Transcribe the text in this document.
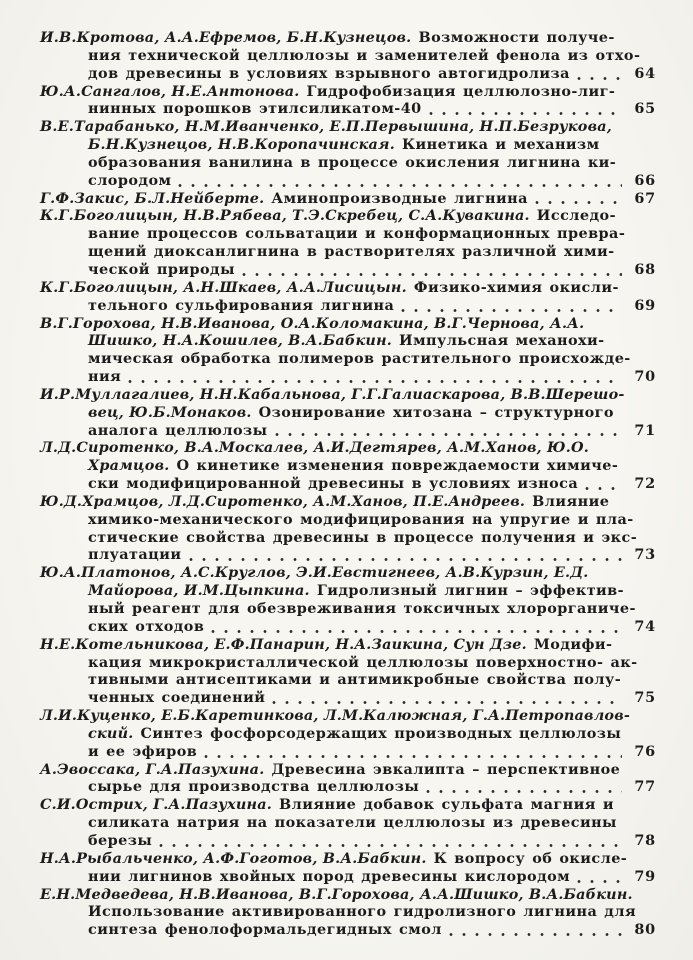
И.В.Кротова, А.А.Ефремов, Б.Н.Кузнецов. Возможности получе-
ния технической целлюлозы и заменителей фенола из отхо-
дов древесины в условиях взрывного автогидролиза	64
Ю.А.Сангалов, Н.Е.Антонова. Гидрофобизация целлюлозно-лиг-
нинных порошков этилсиликатом-40	65
В.Е.Тарабанько, Н.М.Иванченко, Е.П.Первышина, Н.П.Безрукова,
Б.Н.Кузнецов, Н.В.Коропачинская. Кинетика и механизм
образования ванилина в процессе окисления лигнина ки-
слородом	66
Г.Ф.Закис, Б.Л.Нейберте. Аминопроизводные лигнина	67
К.Г.Боголицын, Н.В.Рябева, Т.Э.Скребец, С.А.Кувакина. Исследо-
вание процессов сольватации и конформационных превра-
щений диоксанлигнина в растворителях различной хими-
ческой природы	68
К.Г.Боголицын, А.Н.Шкаев, А.А.Лисицын. Физико-химия окисли-
тельного сульфирования лигнина	69
В.Г.Горохова, Н.В.Иванова, О.А.Коломакина, В.Г.Чернова, А.А.
Шишко, Н.А.Кошилев, В.А.Бабкин. Импульсная механохи-
мическая обработка полимеров растительного происхожде-
ния	70
И.Р.Муллагалиев, Н.Н.Кабальнова, Г.Г.Галиаскарова, В.В.Шерешо-
вец, Ю.Б.Монаков. Озонирование хитозана – структурного
аналога целлюлозы	71
Л.Д.Сиротенко, В.А.Москалев, А.И.Дегтярев, А.М.Ханов, Ю.О.
Храмцов. О кинетике изменения повреждаемости химиче-
ски модифицированной древесины в условиях износа	72
Ю.Д.Храмцов, Л.Д.Сиротенко, А.М.Ханов, П.Е.Андреев. Влияние
химико-механического модифицирования на упругие и пла-
стические свойства древесины в процессе получения и экс-
плуатации	73
Ю.А.Платонов, А.С.Круглов, Э.И.Евстигнеев, А.В.Курзин, Е.Д.
Майорова, И.М.Цыпкина. Гидролизный лигнин – эффектив-
ный реагент для обезвреживания токсичных хлорорганиче-
ских отходов	74
Н.Е.Котельникова, Е.Ф.Панарин, Н.А.Заикина, Сун Дзе. Модифи-
кация микрокристаллической целлюлозы поверхностно- ак-
тивными антисептиками и антимикробные свойства полу-
ченных соединений	75
Л.И.Куценко, Е.Б.Каретинкова, Л.М.Калюжная, Г.А.Петропавлов-
ский. Синтез фосфорсодержащих производных целлюлозы
и ее эфиров	76
А.Эвоссака, Г.А.Пазухина. Древесина эвкалипта – перспективное
сырье для производства целлюлозы	77
С.И.Острих, Г.А.Пазухина. Влияние добавок сульфата магния и
силиката натрия на показатели целлюлозы из древесины
березы	78
Н.А.Рыбальченко, А.Ф.Гоготов, В.А.Бабкин. К вопросу об окисле-
нии лигнинов хвойных пород древесины кислородом	79
Е.Н.Медведева, Н.В.Иванова, В.Г.Горохова, А.А.Шишко, В.А.Бабкин.
Использование активированного гидролизного лигнина для
синтеза фенолоформальдегидных смол	80
